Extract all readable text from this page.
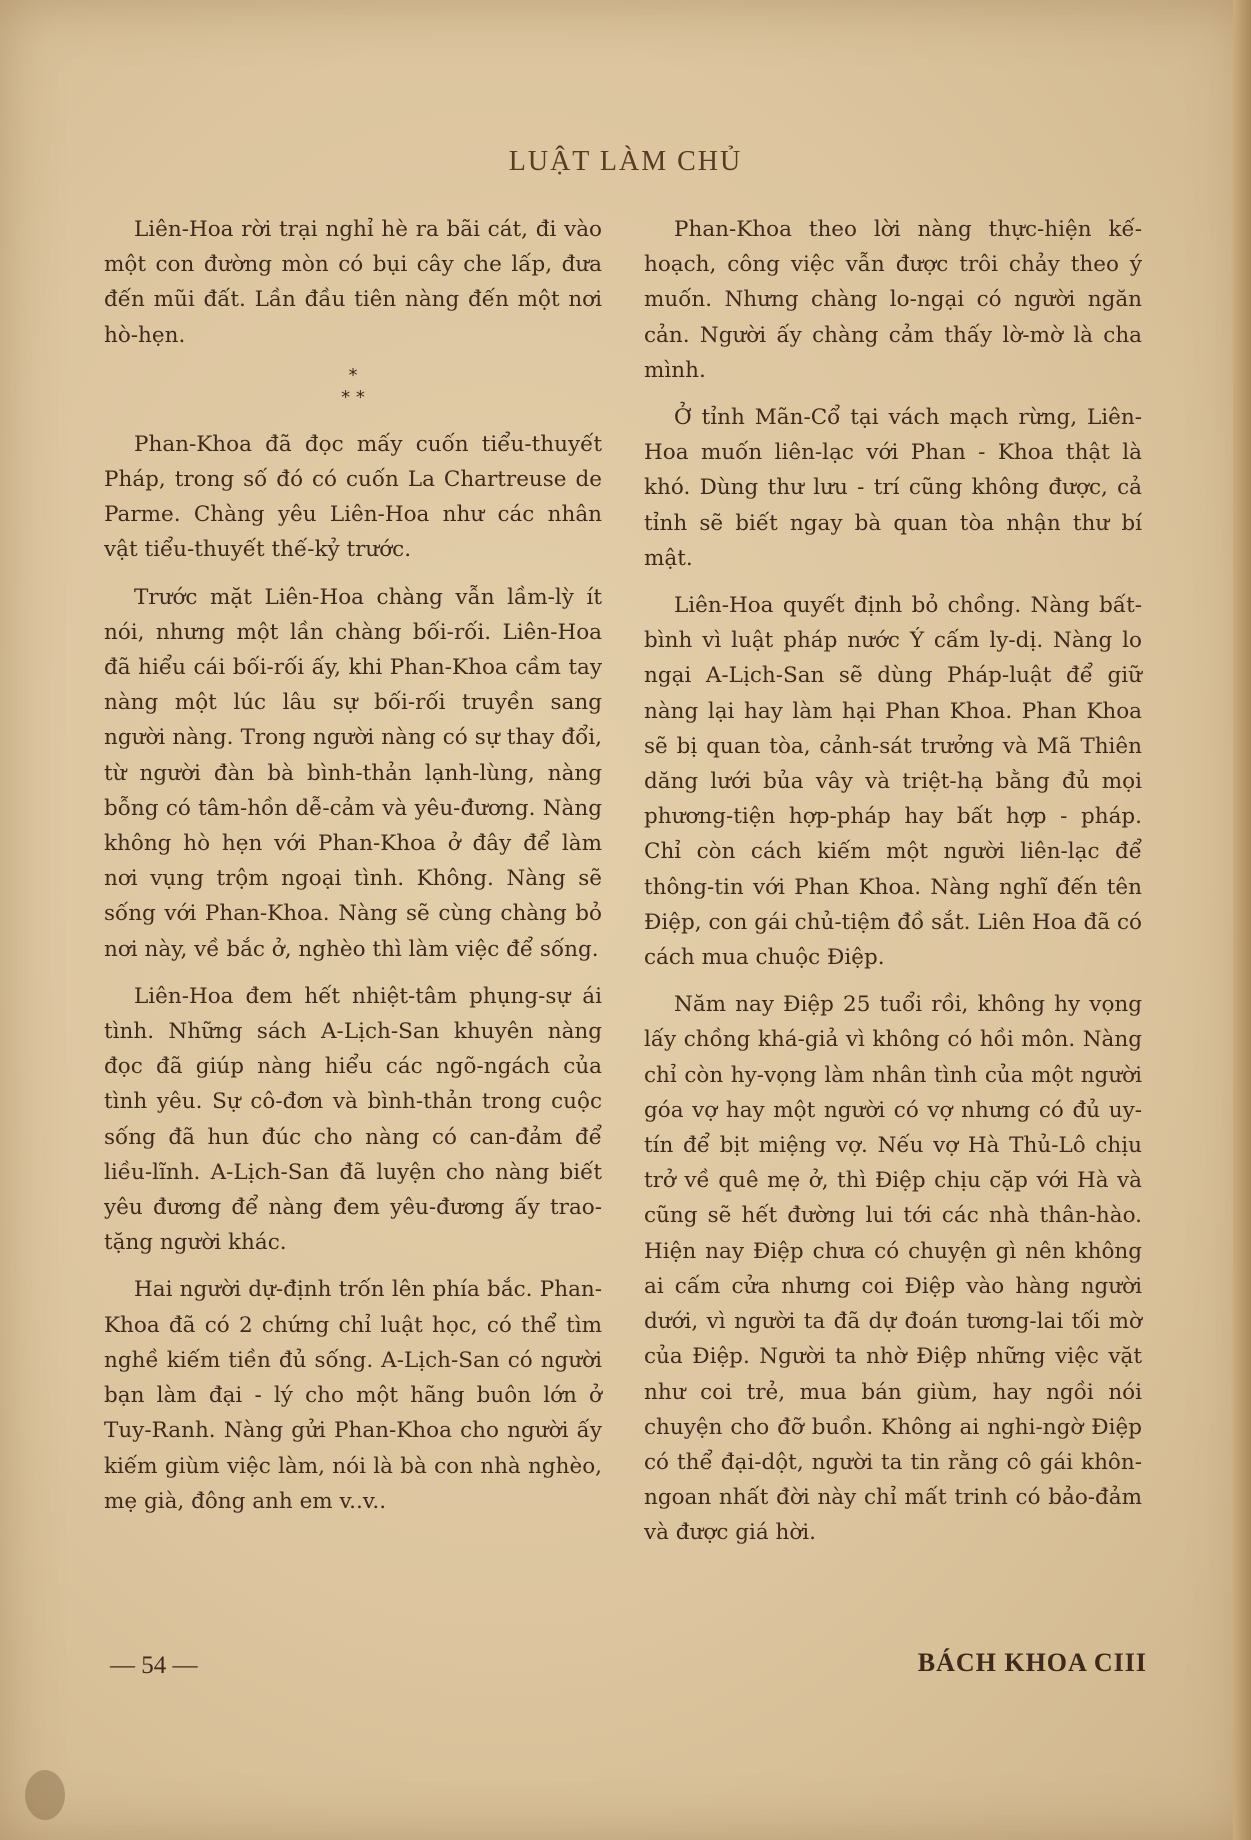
LUẬT LÀM CHỦ

Liên-Hoa rời trại nghỉ hè ra bãi cát, đi vào một con đường mòn có bụi cây che lấp, đưa đến mũi đất. Lần đầu tiên nàng đến một nơi hò-hẹn.

*
* *

Phan-Khoa đã đọc mấy cuốn tiểu-thuyết Pháp, trong số đó có cuốn La Chartreuse de Parme. Chàng yêu Liên-Hoa như các nhân vật tiểu-thuyết thế-kỷ trước.

Trước mặt Liên-Hoa chàng vẫn lầm-lỳ ít nói, nhưng một lần chàng bối-rối. Liên-Hoa đã hiểu cái bối-rối ấy, khi Phan-Khoa cầm tay nàng một lúc lâu sự bối-rối truyền sang người nàng. Trong người nàng có sự thay đổi, từ người đàn bà bình-thản lạnh-lùng, nàng bỗng có tâm-hồn dễ-cảm và yêu-đương. Nàng không hò hẹn với Phan-Khoa ở đây để làm nơi vụng trộm ngoại tình. Không. Nàng sẽ sống với Phan-Khoa. Nàng sẽ cùng chàng bỏ nơi này, về bắc ở, nghèo thì làm việc để sống.

Liên-Hoa đem hết nhiệt-tâm phụng-sự ái tình. Những sách A-Lịch-San khuyên nàng đọc đã giúp nàng hiểu các ngõ-ngách của tình yêu. Sự cô-đơn và bình-thản trong cuộc sống đã hun đúc cho nàng có can-đảm để liều-lĩnh. A-Lịch-San đã luyện cho nàng biết yêu đương để nàng đem yêu-đương ấy trao-tặng người khác.

Hai người dự-định trốn lên phía bắc. Phan-Khoa đã có 2 chứng chỉ luật học, có thể tìm nghề kiếm tiền đủ sống. A-Lịch-San có người bạn làm đại - lý cho một hãng buôn lớn ở Tuy-Ranh. Nàng gửi Phan-Khoa cho người ấy kiếm giùm việc làm, nói là bà con nhà nghèo, mẹ già, đông anh em v..v..

Phan-Khoa theo lời nàng thực-hiện kế-hoạch, công việc vẫn được trôi chảy theo ý muốn. Nhưng chàng lo-ngại có người ngăn cản. Người ấy chàng cảm thấy lờ-mờ là cha mình.

Ở tỉnh Mãn-Cổ tại vách mạch rừng, Liên-Hoa muốn liên-lạc với Phan - Khoa thật là khó. Dùng thư lưu - trí cũng không được, cả tỉnh sẽ biết ngay bà quan tòa nhận thư bí mật.

Liên-Hoa quyết định bỏ chồng. Nàng bất-bình vì luật pháp nước Ý cấm ly-dị. Nàng lo ngại A-Lịch-San sẽ dùng Pháp-luật để giữ nàng lại hay làm hại Phan Khoa. Phan Khoa sẽ bị quan tòa, cảnh-sát trưởng và Mã Thiên dăng lưới bủa vây và triệt-hạ bằng đủ mọi phương-tiện hợp-pháp hay bất hợp - pháp. Chỉ còn cách kiếm một người liên-lạc để thông-tin với Phan Khoa. Nàng nghĩ đến tên Điệp, con gái chủ-tiệm đồ sắt. Liên Hoa đã có cách mua chuộc Điệp.

Năm nay Điệp 25 tuổi rồi, không hy vọng lấy chồng khá-giả vì không có hồi môn. Nàng chỉ còn hy-vọng làm nhân tình của một người góa vợ hay một người có vợ nhưng có đủ uy-tín để bịt miệng vợ. Nếu vợ Hà Thủ-Lô chịu trở về quê mẹ ở, thì Điệp chịu cặp với Hà và cũng sẽ hết đường lui tới các nhà thân-hào. Hiện nay Điệp chưa có chuyện gì nên không ai cấm cửa nhưng coi Điệp vào hàng người dưới, vì người ta đã dự đoán tương-lai tối mờ của Điệp. Người ta nhờ Điệp những việc vặt như coi trẻ, mua bán giùm, hay ngồi nói chuyện cho đỡ buồn. Không ai nghi-ngờ Điệp có thể đại-dột, người ta tin rằng cô gái khôn-ngoan nhất đời này chỉ mất trinh có bảo-đảm và được giá hời.

— 54 —	BÁCH KHOA CIII
